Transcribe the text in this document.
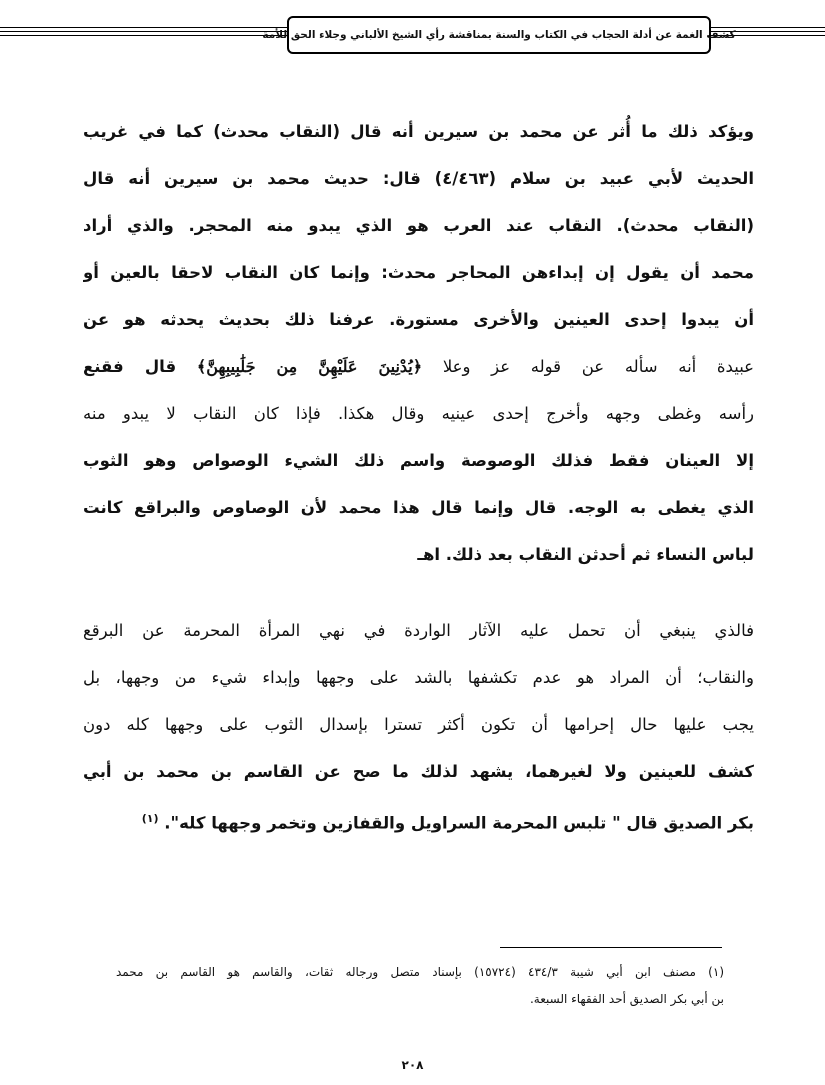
كشف الغمة عن أدلة الحجاب في الكتاب والسنة بمناقشة رأي الشيخ الألباني وجلاء الحق للأمة
ويؤكد ذلك ما أُثر عن محمد بن سيرين أنه قال (النقاب محدث) كما في غريب
الحديث لأبي عبيد بن سلام (٤/٤٦٣) قال: حديث محمد بن سيرين أنه قال
(النقاب محدث). النقاب عند العرب هو الذي يبدو منه المحجر. والذي أراد
محمد أن يقول إن إبداءهن المحاجر محدث: وإنما كان النقاب لاحقا بالعين أو
أن يبدوا إحدى العينين والأخرى مستورة. عرفنا ذلك بحديث يحدثه هو عن
عبيدة أنه سأله عن قوله عز وعلا ﴿يُدْنِينَ عَلَيْهِنَّ مِن جَلَٰبِيبِهِنَّ﴾ قال فقنع
رأسه وغطى وجهه وأخرج إحدى عينيه وقال هكذا. فإذا كان النقاب لا يبدو منه
إلا العينان فقط فذلك الوصوصة واسم ذلك الشيء الوصواص وهو الثوب
الذي يغطى به الوجه. قال وإنما قال هذا محمد لأن الوصاوص والبراقع كانت
لباس النساء ثم أحدثن النقاب بعد ذلك. اهـ
فالذي ينبغي أن تحمل عليه الآثار الواردة في نهي المرأة المحرمة عن البرقع
والنقاب؛ أن المراد هو عدم تكشفها بالشد على وجهها وإبداء شيء من وجهها، بل
يجب عليها حال إحرامها أن تكون أكثر تسترا بإسدال الثوب على وجهها كله دون
كشف للعينين ولا لغيرهما، يشهد لذلك ما صح عن القاسم بن محمد بن أبي
بكر الصديق قال " تلبس المحرمة السراويل والقفازين وتخمر وجهها كله". $^{(١)}$
(١) مصنف ابن أبي شيبة ٤٣٤/٣ (١٥٧٢٤) بإسناد متصل ورجاله ثقات، والقاسم هو القاسم بن محمد
بن أبي بكر الصديق أحد الفقهاء السبعة.
٢٠٨
